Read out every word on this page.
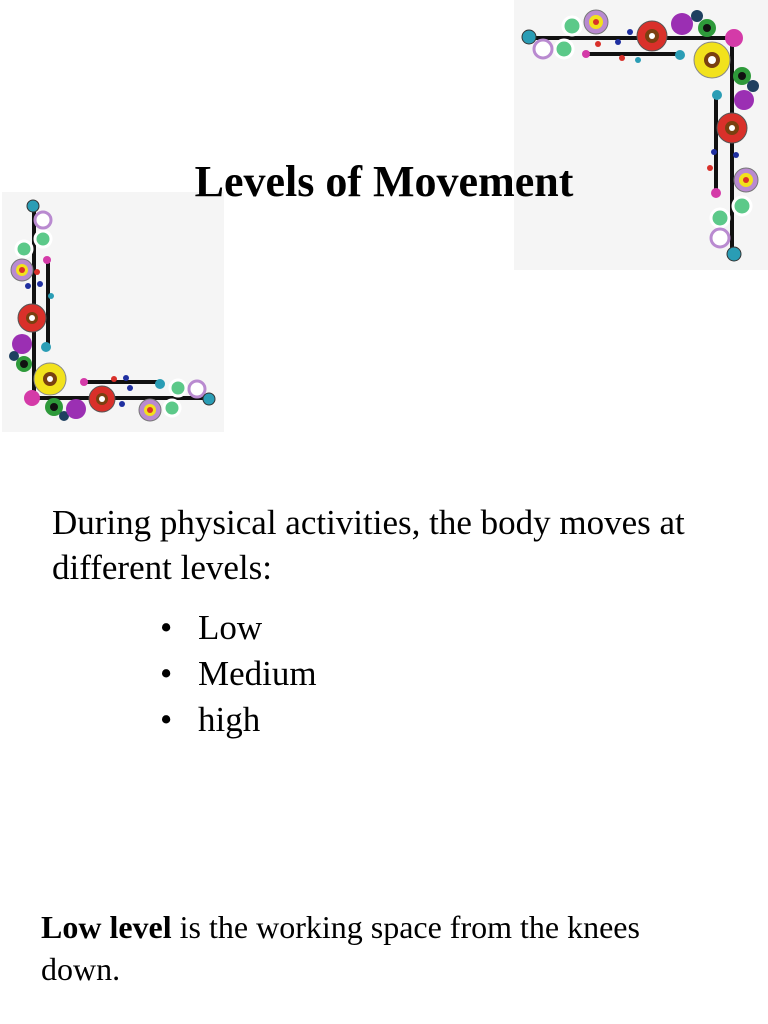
Levels of Movement

During physical activities, the body moves at different levels:

• Low
• Medium
• high

Low level is the working space from the knees down.
